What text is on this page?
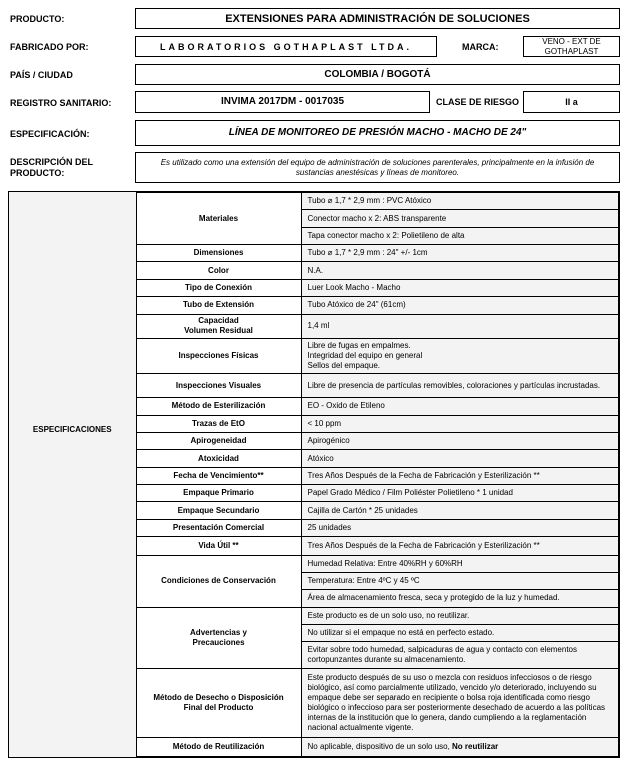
PRODUCTO:	EXTENSIONES PARA ADMINISTRACIÓN DE SOLUCIONES
FABRICADO POR:	LABORATORIOS GOTHAPLAST LTDA.	MARCA:
VENO - EXT DE GOTHAPLAST
PAÍS / CIUDAD	COLOMBIA / BOGOTÁ
REGISTRO SANITARIO:	INVIMA 2017DM - 0017035	CLASE DE RIESGO	II a
ESPECIFICACIÓN:	LÍNEA DE MONITOREO DE PRESIÓN MACHO - MACHO DE 24"
DESCRIPCIÓN DEL PRODUCTO:
Es utilizado como una extensión del equipo de administración de soluciones parenterales, principalmente en la infusión de sustancias anestésicas y líneas de monitoreo.
ESPECIFICACIONES	Materiales	Tubo ⌀ 1,7 * 2,9 mm : PVC Atóxico
		Conector macho x 2: ABS transparente
		Tapa conector macho x 2: Polietileno de alta
	Dimensiones	Tubo ⌀ 1,7 * 2,9 mm : 24" +/- 1cm
	Color	N.A.
	Tipo de Conexión	Luer Look Macho - Macho
	Tubo de Extensión	Tubo Atóxico de 24" (61cm)
	Capacidad
Volumen Residual	1,4 ml
	Inspecciones Físicas	Libre de fugas en empalmes.
Integridad del equipo en general
Sellos del empaque.
	Inspecciones Visuales	Libre de presencia de partículas removibles, coloraciones y partículas incrustadas.
	Método de Esterilización	EO - Oxido de Etileno
	Trazas de EtO	< 10 ppm
	Apirogeneidad	Apirogénico
	Atoxicidad	Atóxico
	Fecha de Vencimiento**	Tres Años Después de la Fecha de Fabricación y Esterilización **
	Empaque Primario	Papel Grado Médico / Film Poliéster Polietileno * 1 unidad
	Empaque Secundario	Cajilla de Cartón * 25 unidades
	Presentación Comercial	25 unidades
	Vida Útil **	Tres Años Después de la Fecha de Fabricación y Esterilización **
	Condiciones de Conservación	Humedad Relativa: Entre 40%RH y 60%RH
		Temperatura: Entre 4ºC y 45 ºC
		Área de almacenamiento fresca, seca y protegido de la luz y humedad.
	Advertencias y
Precauciones	Este producto es de un solo uso, no reutilizar.
		No utilizar si el empaque no está en perfecto estado.
		Evitar sobre todo humedad, salpicaduras de agua y contacto con elementos cortopunzantes durante su almacenamiento.
	Método de Desecho o Disposición
Final del Producto	Este producto después de su uso o mezcla con residuos infecciosos o de riesgo biológico, así como parcialmente utilizado, vencido y/o deteriorado, incluyendo su empaque debe ser separado en recipiente o bolsa roja identificada como riesgo biológico o infeccioso para ser posteriormente desechado de acuerdo a las políticas internas de la institución que lo genera, dando cumpliendo a la reglamentación nacional actualmente vigente.
	Método de Reutilización	No aplicable, dispositivo de un solo uso, No reutilizar
